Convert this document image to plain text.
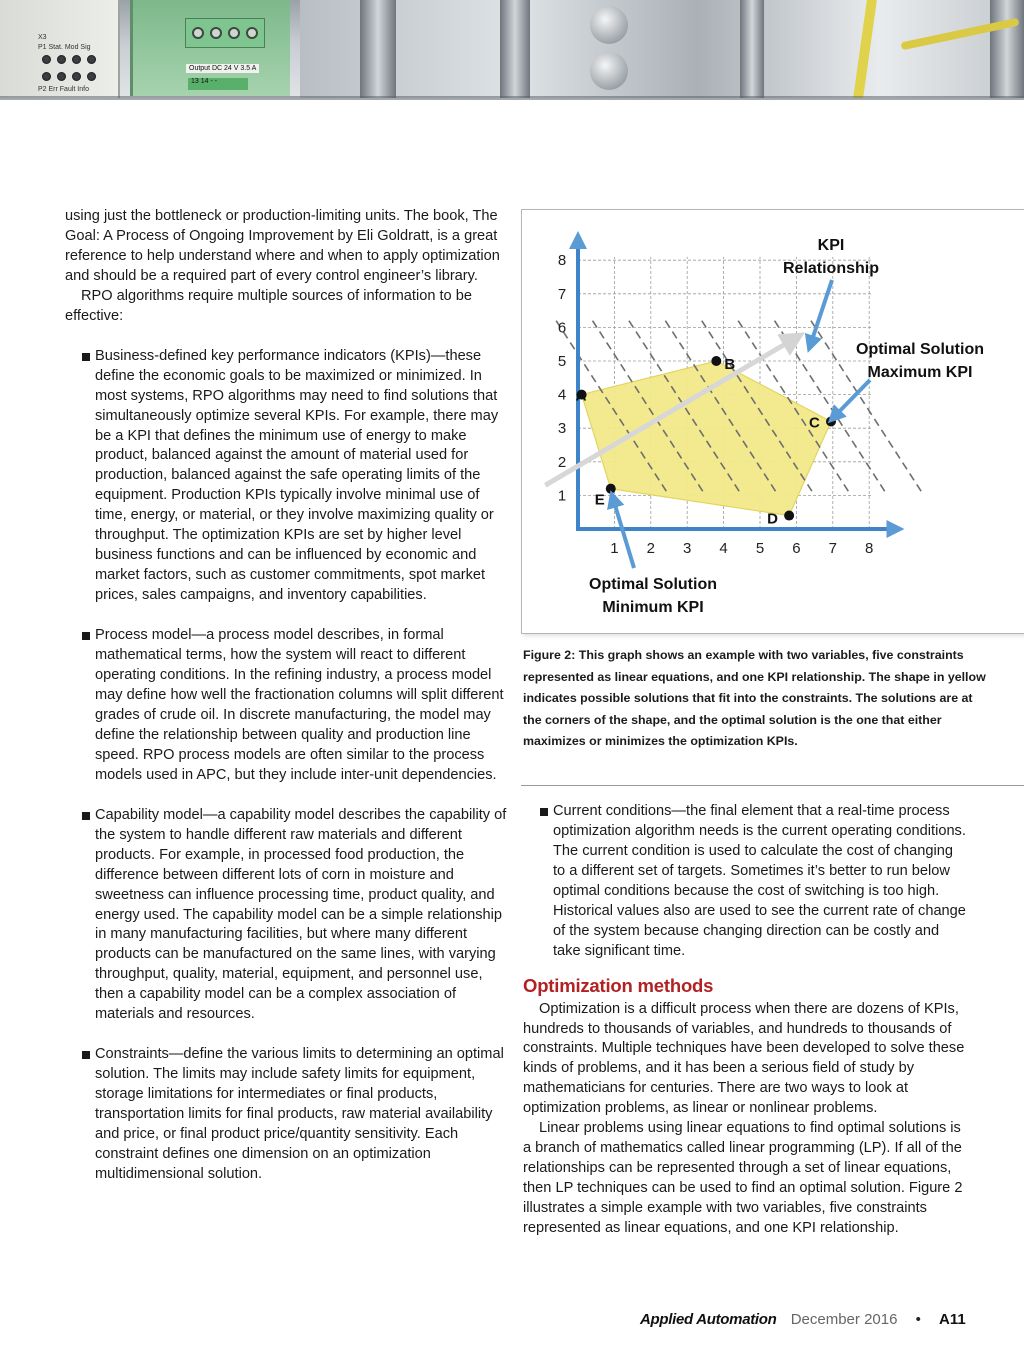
X3
P1 Stat. Mod Sig
P2 Err Fault Info
Output DC 24 V 3.5 A
13 14 - -

using just the bottleneck or production-limiting units. The book, The Goal: A Process of Ongoing Improvement by Eli Goldratt, is a great reference to help understand where and when to apply optimization and should be a required part of every control engineer’s library.

RPO algorithms require multiple sources of information to be effective:

Business-defined key performance indicators (KPIs)—these define the economic goals to be maximized or minimized. In most systems, RPO algorithms may need to find solutions that simultaneously optimize several KPIs. For example, there may be a KPI that defines the minimum use of energy to make product, balanced against the amount of material used for production, balanced against the safe operating limits of the equipment. Production KPIs typically involve minimal use of time, energy, or material, or they involve maximizing quality or throughput. The optimization KPIs are set by higher level business functions and can be influenced by economic and market factors, such as customer commitments, spot market prices, sales campaigns, and inventory capabilities.
Process model—a process model describes, in formal mathematical terms, how the system will react to different operating conditions. In the refining industry, a process model may define how well the fractionation columns will split different grades of crude oil. In discrete manufacturing, the model may define the relationship between quality and production line speed. RPO process models are often similar to the process models used in APC, but they include inter-unit dependencies.
Capability model—a capability model describes the capability of the system to handle different raw materials and different products. For example, in processed food production, the difference between different lots of corn in moisture and sweetness can influence processing time, product quality, and energy used. The capability model can be a simple relationship in many manufacturing facilities, but where many different products can be manufactured on the same lines, with varying throughput, quality, material, equipment, and personnel use, then a capability model can be a complex association of materials and resources.
Constraints—define the various limits to determining an optimal solution. The limits may include safety limits for equipment, storage limitations for intermediates or final products, transportation limits for final products, raw material availability and price, or final product price/quantity sensitivity. Each constraint defines one dimension on an optimization multidimensional solution.
1 2 3 4 5 6 7 8
1
2
3
4
5
6
7
8
A
B
C
D
E
KPI
Relationship
Optimal Solution
Maximum KPI
Optimal Solution
Minimum KPI

Figure 2: This graph shows an example with two variables, five constraints represented as linear equations, and one KPI relationship. The shape in yellow indicates possible solutions that fit into the constraints. The solutions are at the corners of the shape, and the optimal solution is the one that either maximizes or minimizes the optimization KPIs.

Current conditions—the final element that a real-time process optimization algorithm needs is the current operating conditions. The current condition is used to calculate the cost of changing to a different set of targets. Sometimes it’s better to run below optimal conditions because the cost of switching is too high. Historical values also are used to see the current rate of change of the system because changing direction can be costly and take significant time.
Optimization methods

Optimization is a difficult process when there are dozens of KPIs, hundreds to thousands of variables, and hundreds to thousands of constraints. Multiple techniques have been developed to solve these kinds of problems, and it has been a serious field of study by mathematicians for centuries. There are two ways to look at optimization problems, as linear or nonlinear problems.

Linear problems using linear equations to find optimal solutions is a branch of mathematics called linear programming (LP). If all of the relationships can be represented through a set of linear equations, then LP techniques can be used to find an optimal solution. Figure 2 illustrates a simple example with two variables, five constraints represented as linear equations, and one KPI relationship.

Applied Automation December 2016 • A11
